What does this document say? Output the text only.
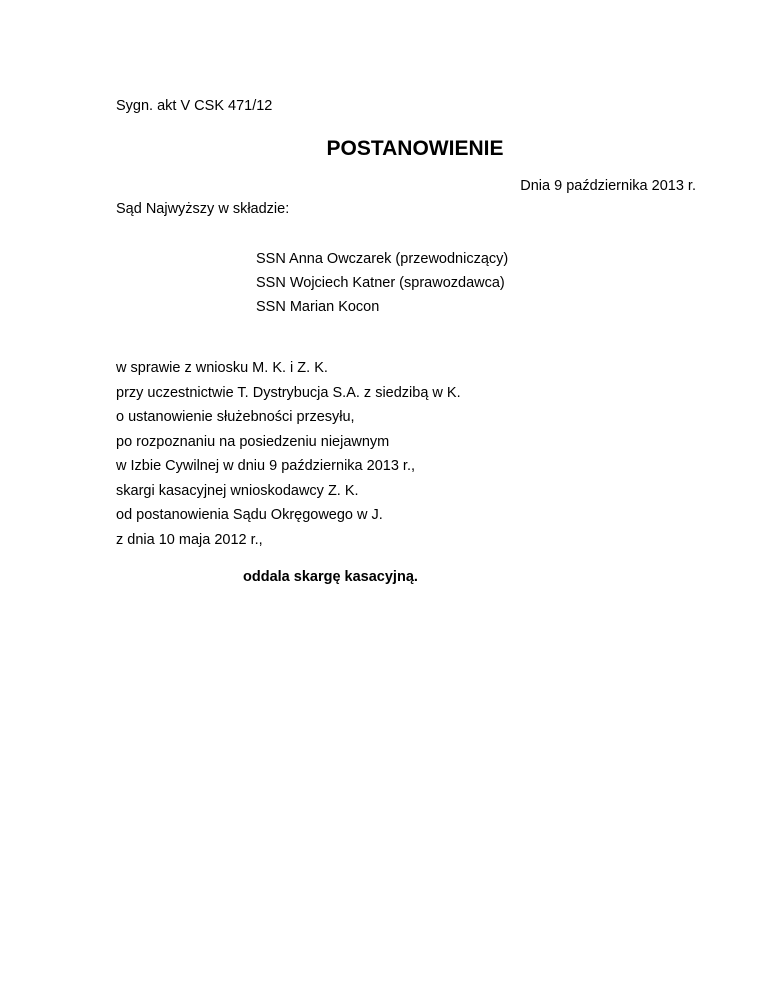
Sygn. akt V CSK 471/12
POSTANOWIENIE
Dnia 9 października 2013 r.
Sąd Najwyższy w składzie:
SSN Anna Owczarek (przewodniczący)
SSN Wojciech Katner (sprawozdawca)
SSN Marian Kocon
w sprawie z wniosku M. K. i Z. K.
przy uczestnictwie T. Dystrybucja S.A. z siedzibą w K.
o ustanowienie służebności przesyłu,
po rozpoznaniu na posiedzeniu niejawnym
w Izbie Cywilnej w dniu 9 października 2013 r.,
skargi kasacyjnej wnioskodawcy Z. K.
od postanowienia Sądu Okręgowego w J.
z dnia 10 maja 2012 r.,
oddala skargę kasacyjną.
